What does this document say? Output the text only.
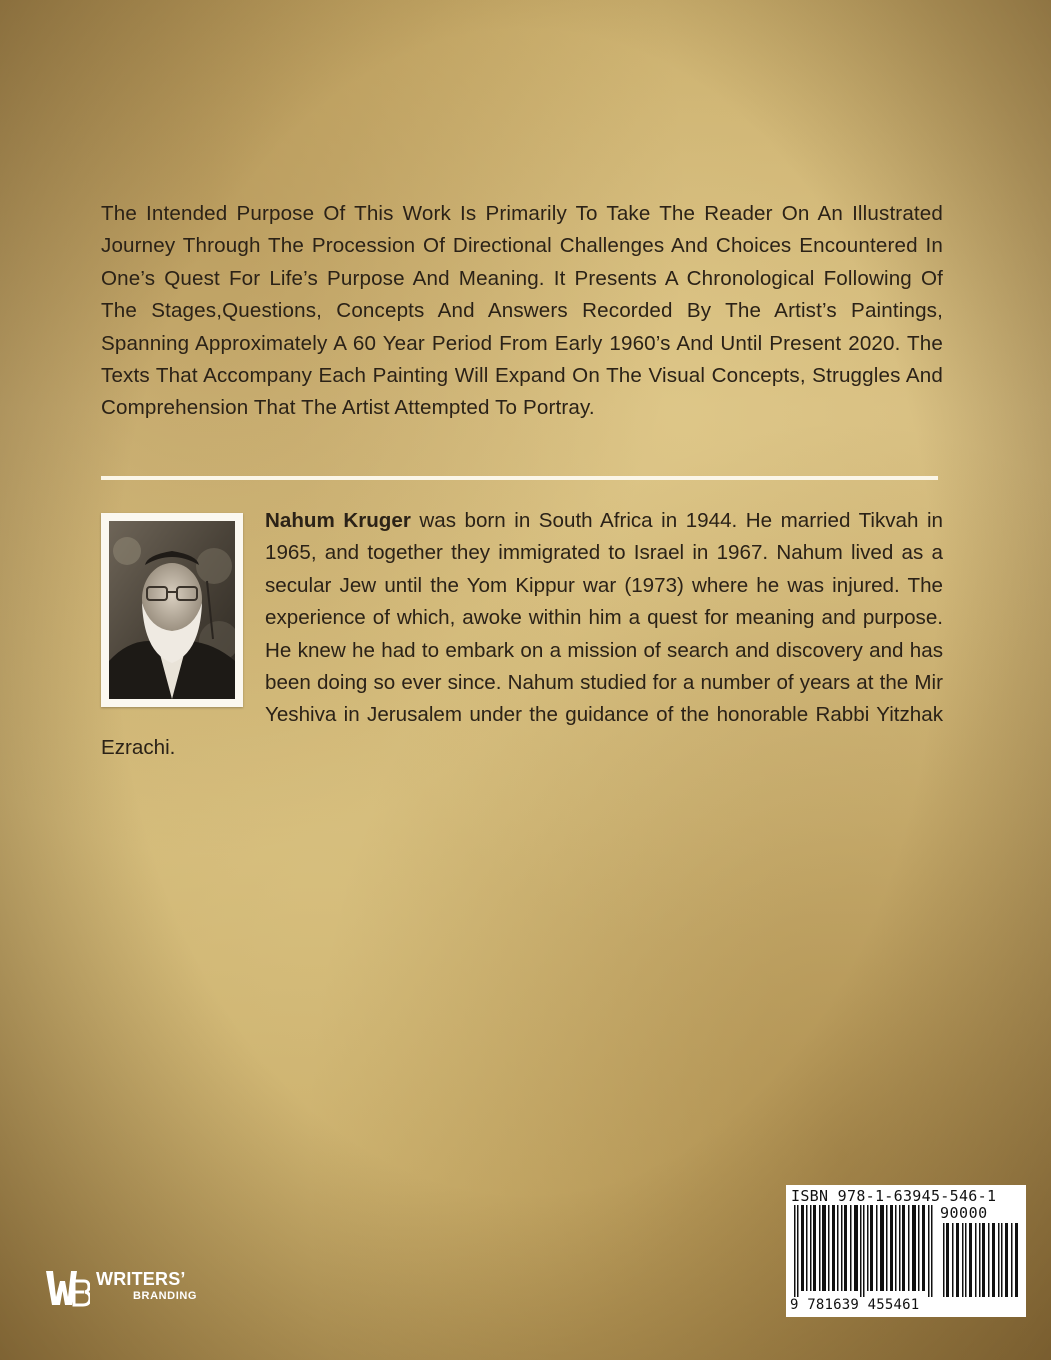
The Intended Purpose Of This Work Is Primarily To Take The Reader On An Illustrated Journey Through The Procession Of Directional Challenges And Choices Encountered In One’s Quest For Life’s Purpose And Meaning. It Presents A Chronological Following Of The Stages,Questions, Concepts And Answers Recorded By The Artist’s Paintings, Spanning Approximately A 60 Year Period From Early 1960’s And Until Present 2020. The Texts That Accompany Each Painting Will Expand On The Visual Concepts, Struggles And Comprehension That The Artist Attempted To Portray.

Nahum Kruger was born in South Africa in 1944. He married Tikvah in 1965, and together they immigrated to Israel in 1967. Nahum lived as a secular Jew until the Yom Kippur war (1973) where he was injured. The experience of which, awoke within him a quest for meaning and purpose. He knew he had to embark on a mission of search and discovery and has been doing so ever since. Nahum studied for a number of years at the Mir Yeshiva in Jerusalem under the guidance of the honorable Rabbi Yitzhak Ezrachi.

WRITERS’
BRANDING
ISBN 978-1-63945-546-1
90000
9 781639 455461
